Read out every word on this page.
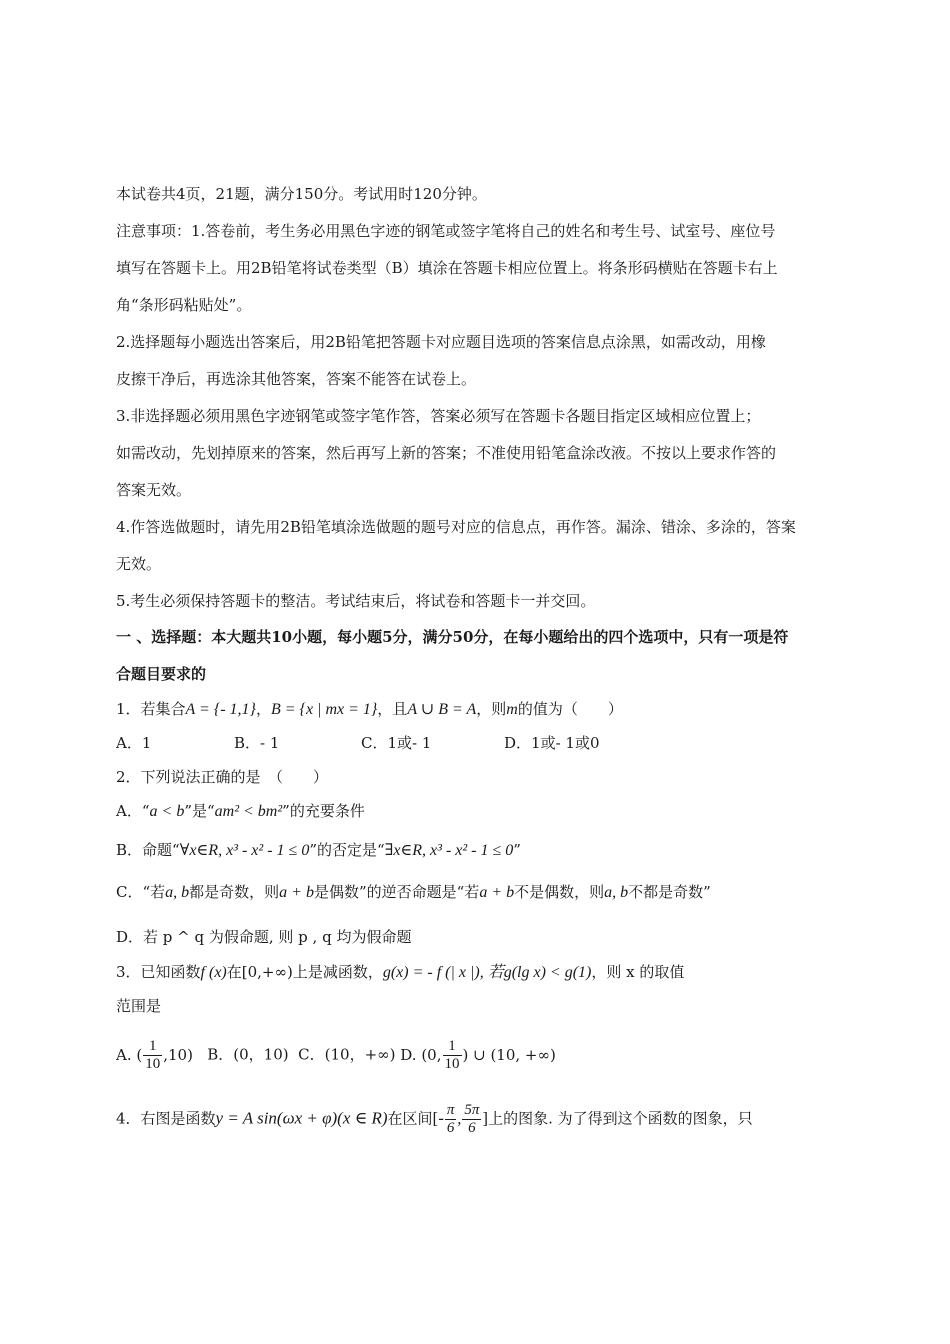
本试卷共4页，21题，满分150分。考试用时120分钟。
注意事项：1.答卷前，考生务必用黑色字迹的钢笔或签字笔将自己的姓名和考生号、试室号、座位号
填写在答题卡上。用2B铅笔将试卷类型（B）填涂在答题卡相应位置上。将条形码横贴在答题卡右上
角“条形码粘贴处”。
2.选择题每小题选出答案后，用2B铅笔把答题卡对应题目选项的答案信息点涂黑，如需改动，用橡
皮擦干净后，再选涂其他答案，答案不能答在试卷上。
3.非选择题必须用黑色字迹钢笔或签字笔作答，答案必须写在答题卡各题目指定区域相应位置上；
如需改动，先划掉原来的答案，然后再写上新的答案；不准使用铅笔盒涂改液。不按以上要求作答的
答案无效。
4.作答选做题时，请先用2B铅笔填涂选做题的题号对应的信息点，再作答。漏涂、错涂、多涂的，答案
无效。
5.考生必须保持答题卡的整洁。考试结束后，将试卷和答题卡一并交回。
一 、选择题：本大题共10小题，每小题5分，满分50分，在每小题给出的四个选项中，只有一项是符
合题目要求的
1．若集合A = {- 1,1}，B = {x | mx = 1}，且A ∪ B = A，则m的值为（　　）
A．1	B．- 1	C．1或- 1	D．1或- 1或0
2．下列说法正确的是　（　　）
A．“a < b”是“am² < bm²”的充要条件
B．命题“∀x∈R, x³ - x² - 1 ≤ 0”的否定是“∃x∈R, x³ - x² - 1 ≤ 0”
C．“若a, b都是奇数，则a + b是偶数”的逆否命题是“若a + b不是偶数，则a, b不都是奇数”
D．若 p ^ q 为假命题, 则 p , q 均为假命题
3．已知函数f (x)在[0,+∞)上是减函数，g(x) = - f (| x |), 若g(lg x) < g(1)，则 x 的取值
范围是
A. ( $\frac{1}{10} ,10$) B．(0，10) C．(10，+∞) D. (0, $\frac{1}{10}$ ) ∪ (10, +∞)
4．右图是函数y = A sin(ωx + φ)(x ∈ R)在区间[- $\frac{\pi}{6}$ , $\frac{5\pi}{6}$ ]上的图象. 为了得到这个函数的图象，只
